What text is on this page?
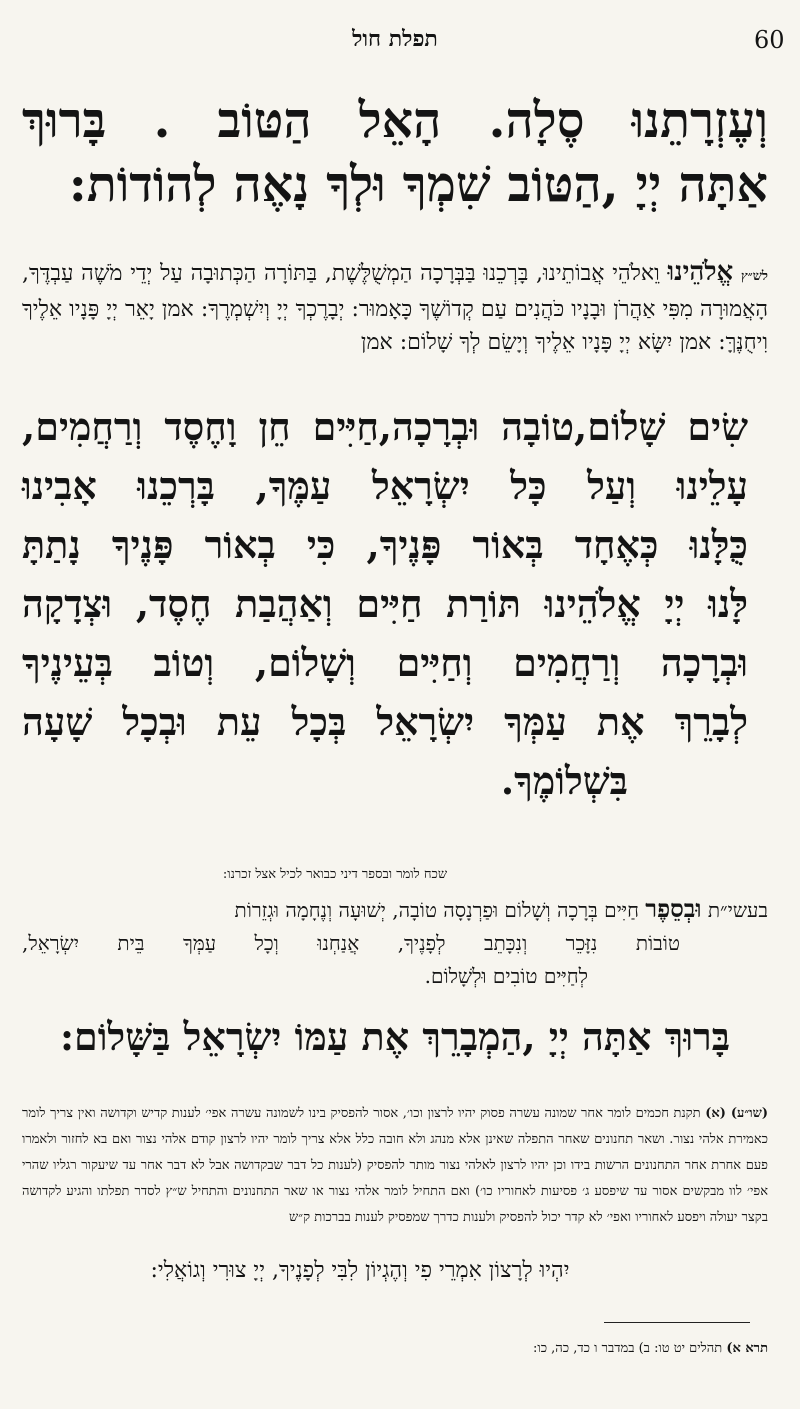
60
תפלת חול
וְעֶזְרָתֵנוּ סֶלָה. הָאֵל הַטּוֹב . בָּרוּךְ
אַתָּה יְיָ ,הַטּוֹב שִׁמְךָ וּלְךָ נָאֶה לְהוֹדוֹת:
לש״ץ אֱלֹהֵינוּ וֵאלֹהֵי אֲבוֹתֵינוּ, בָּרְכֵנוּ בַּבְּרָכָה הַמְשֻׁלֶּשֶׁת, בַּתּוֹרָה הַכְּתוּבָה עַל יְדֵי מֹשֶׁה עַבְדֶּךָ, הָאֲמוּרָה מִפִּי אַהֲרֹן וּבָנָיו כֹּהֲנִים עַם קְדוֹשֶׁךָ כָּאָמוּר: יְבָרֶכְךָ יְיָ וְיִשְׁמְרֶךָ: אמן יָאֵר יְיָ פָּנָיו אֵלֶיךָ וִיחֻנֶּךָּ: אמן יִשָּׂא יְיָ פָּנָיו אֵלֶיךָ וְיָשֵׂם לְךָ שָׁלוֹם: אמן
שִׂים שָׁלוֹם,טוֹבָה וּבְרָכָה,חַיִּים חֵן וָחֶסֶד וְרַחֲמִים,
עָלֵינוּ וְעַל כָּל יִשְׂרָאֵל עַמֶּךָ, בָּרְכֵנוּ אָבִינוּ
כֻּלָּנוּ כְּאֶחָד בְּאוֹר פָּנֶיךָ, כִּי בְאוֹר פָּנֶיךָ נָתַתָּ
לָּנוּ יְיָ אֱלֹהֵינוּ תּוֹרַת חַיִּים וְאַהֲבַת חֶסֶד, וּצְדָקָה
וּבְרָכָה וְרַחֲמִים וְחַיִּים וְשָׁלוֹם, וְטוֹב בְּעֵינֶיךָ
לְבָרֵךְ אֶת עַמְּךָ יִשְׂרָאֵל בְּכָל עֵת וּבְכָל שָׁעָה
בִּשְׁלוֹמֶךָ.
שכח לומר ובספר דיני כבואר לכיל אצל זכרנו:
בעשי״ת וּבְסֵפֶר חַיִּים בְּרָכָה וְשָׁלוֹם וּפַרְנָסָה טוֹבָה, יְשׁוּעָה וְנֶחָמָה וּגְזֵרוֹת
טוֹבוֹת נִזָּכֵר וְנִכָּתֵב לְפָנֶיךָ, אֲנַחְנוּ וְכָל עַמְּךָ בֵּית יִשְׂרָאֵל,
לְחַיִּים טוֹבִים וּלְשָׁלוֹם.
בָּרוּךְ אַתָּה יְיָ ,הַמְבָרֵךְ אֶת עַמּוֹ יִשְׂרָאֵל בַּשָּׁלוֹם:
(שו״ע) (א) תקנת חכמים לומר אחר שמונה עשרה פסוק יהיו לרצון וכו׳, אסור להפסיק בינו לשמונה עשרה אפי׳ לענות קדיש וקדושה ואין צריך לומר כאמירת אלהי נצור. ושאר תחנונים שאחר התפלה שאינן אלא מנהג ולא חובה כלל אלא צריך לומר יהיו לרצון קודם אלהי נצור ואם בא לחזור ולאמרו פעם אחרת אחר התחנונים הרשות בידו וכן יהיו לרצון לאלהי נצור מותר להפסיק (לענות כל דבר שבקדושה אבל לא דבר אחר עד שיעקור רגליו שהרי אפי׳ לוו מבקשים אסור עד שיפסע ג׳ פסיעות לאחוריו כו׳) ואם התחיל לומר אלהי נצור או שאר התחנונים והתחיל ש״ץ לסדר תפלתו והגיע לקדושה בקצר יעולה ויפסע לאחוריו ואפי׳ לא קדר יכול להפסיק ולענות כדרך שמפסיק לענות בברכות ק״ש
יִהְיוּ לְרָצוֹן אִמְרֵי פִי וְהֶגְיוֹן לִבִּי לְפָנֶיךָ, יְיָ צוּרִי וְגוֹאֲלִי:
תרא א) תהלים יט טו: ב) במדבר ו כד, כה, כו:
